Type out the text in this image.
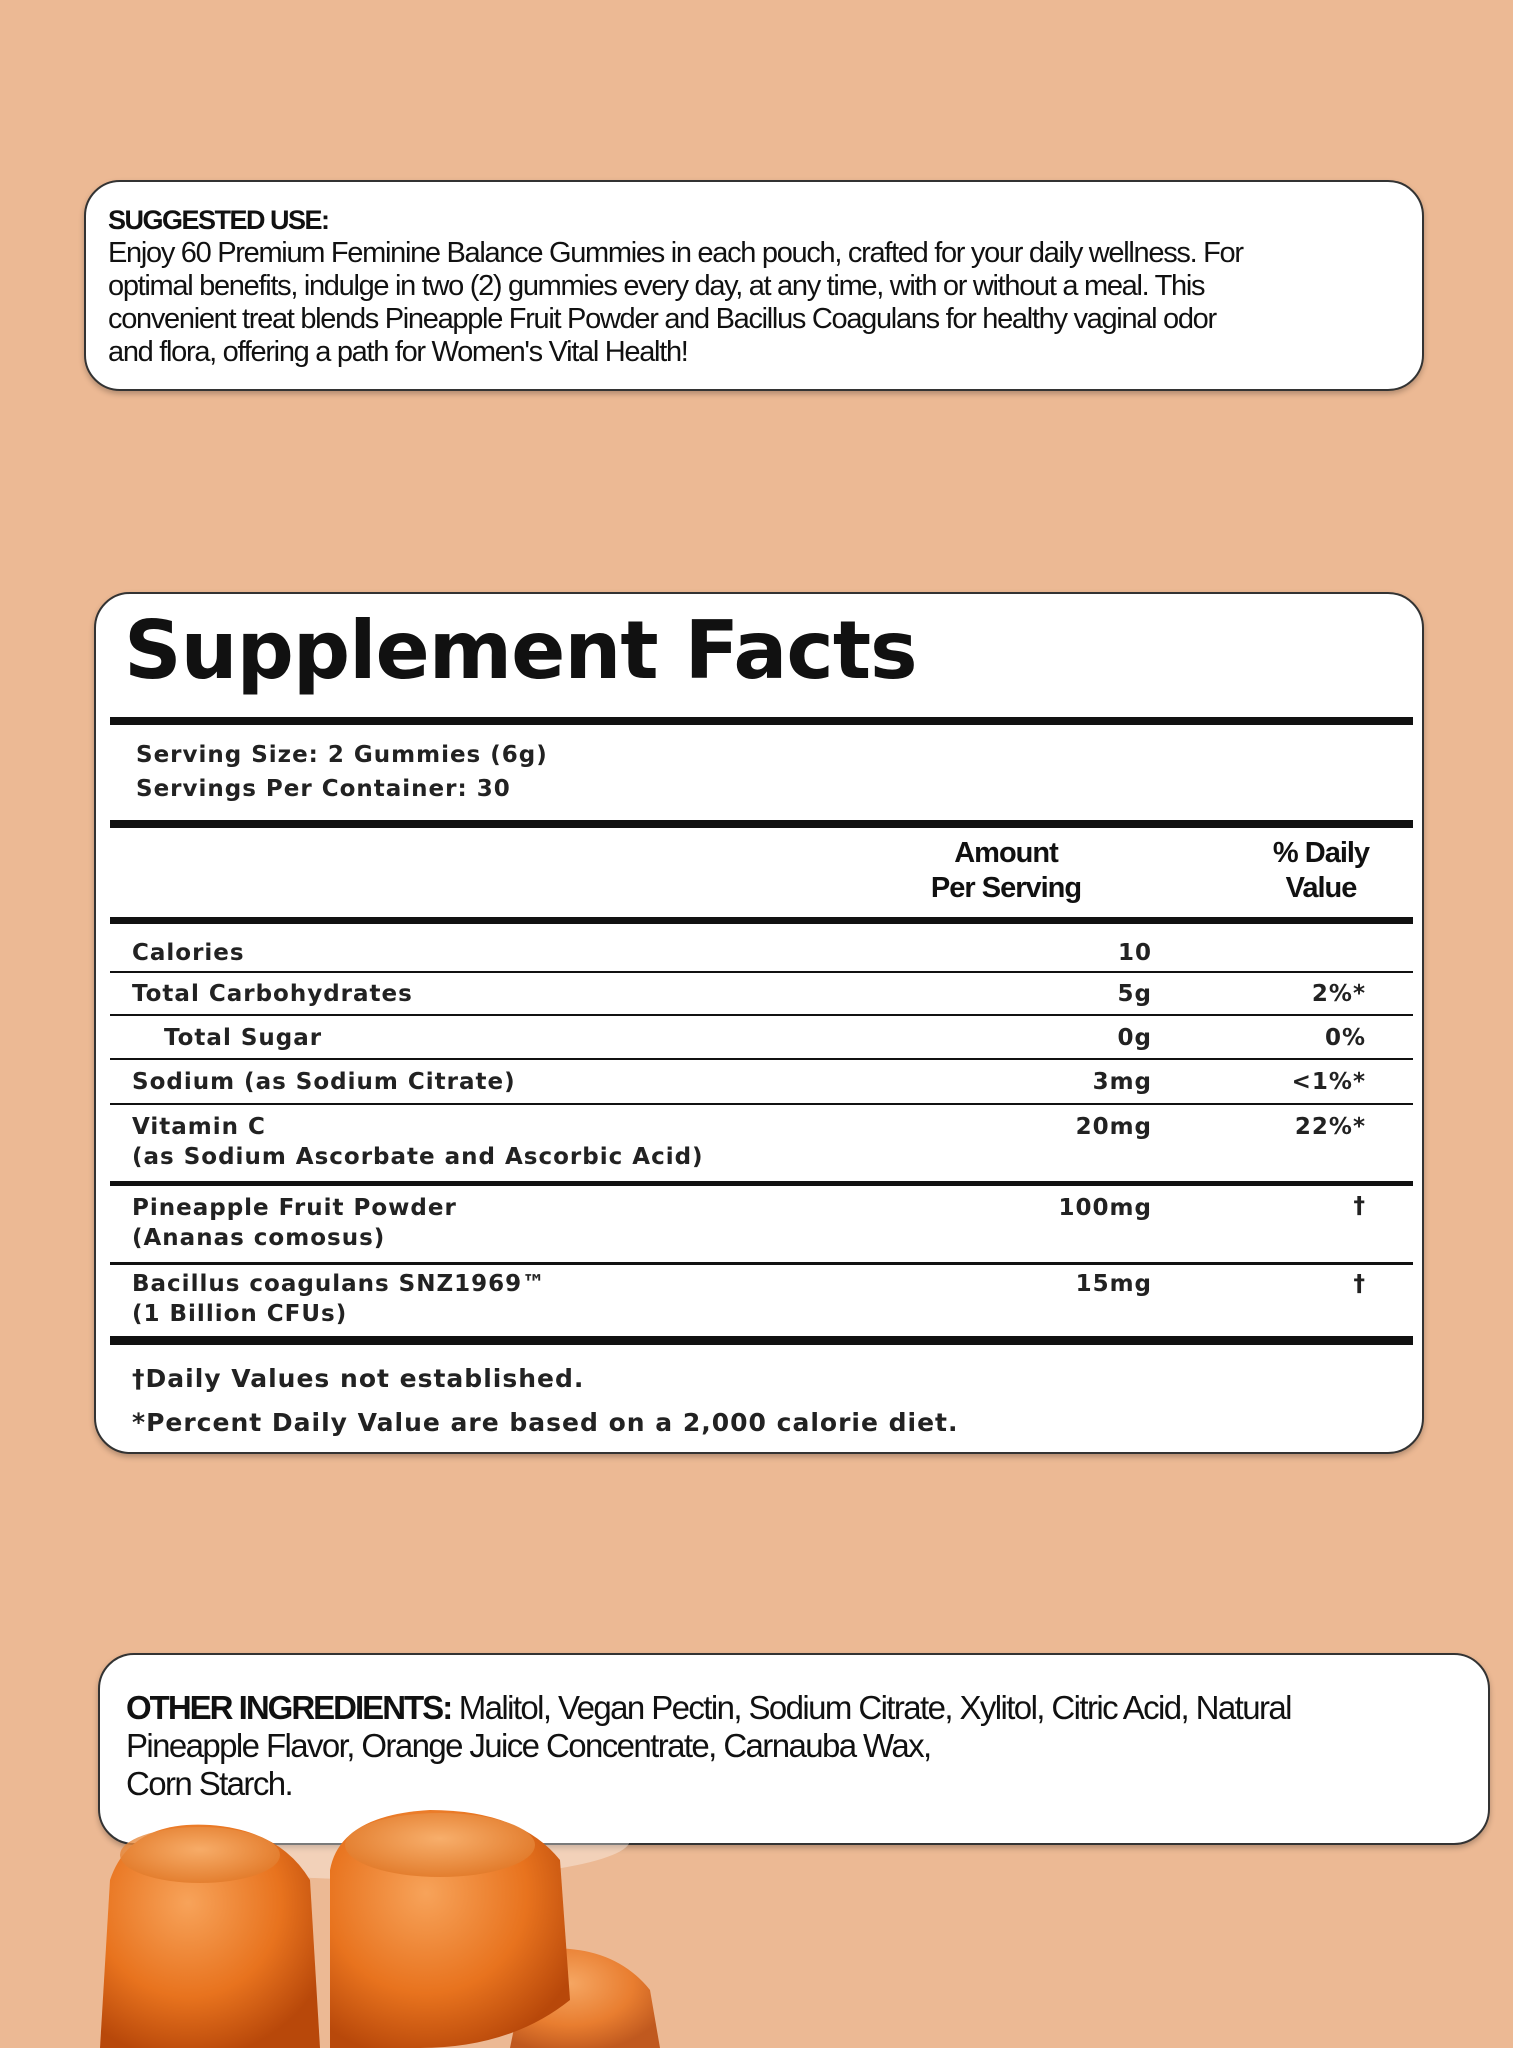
SUGGESTED USE:
Enjoy 60 Premium Feminine Balance Gummies in each pouch, crafted for your daily wellness. For
optimal benefits, indulge in two (2) gummies every day, at any time, with or without a meal. This
convenient treat blends Pineapple Fruit Powder and Bacillus Coagulans for healthy vaginal odor
and flora, offering a path for Women's Vital Health!
Supplement Facts
Serving Size: 2 Gummies (6g)
Servings Per Container: 30
Amount
Per Serving
% Daily
Value
Calories	10
Total Carbohydrates	5g	2%*
Total Sugar	0g	0%
Sodium (as Sodium Citrate)	3mg	<1%*
Vitamin C
(as Sodium Ascorbate and Ascorbic Acid)
20mg	22%*
Pineapple Fruit Powder
(Ananas comosus)
100mg	†
Bacillus coagulans SNZ1969™
(1 Billion CFUs)
15mg	†
†Daily Values not established.
*Percent Daily Value are based on a 2,000 calorie diet.
OTHER INGREDIENTS: Malitol, Vegan Pectin, Sodium Citrate, Xylitol, Citric Acid, Natural
Pineapple Flavor, Orange Juice Concentrate, Carnauba Wax,
Corn Starch.
